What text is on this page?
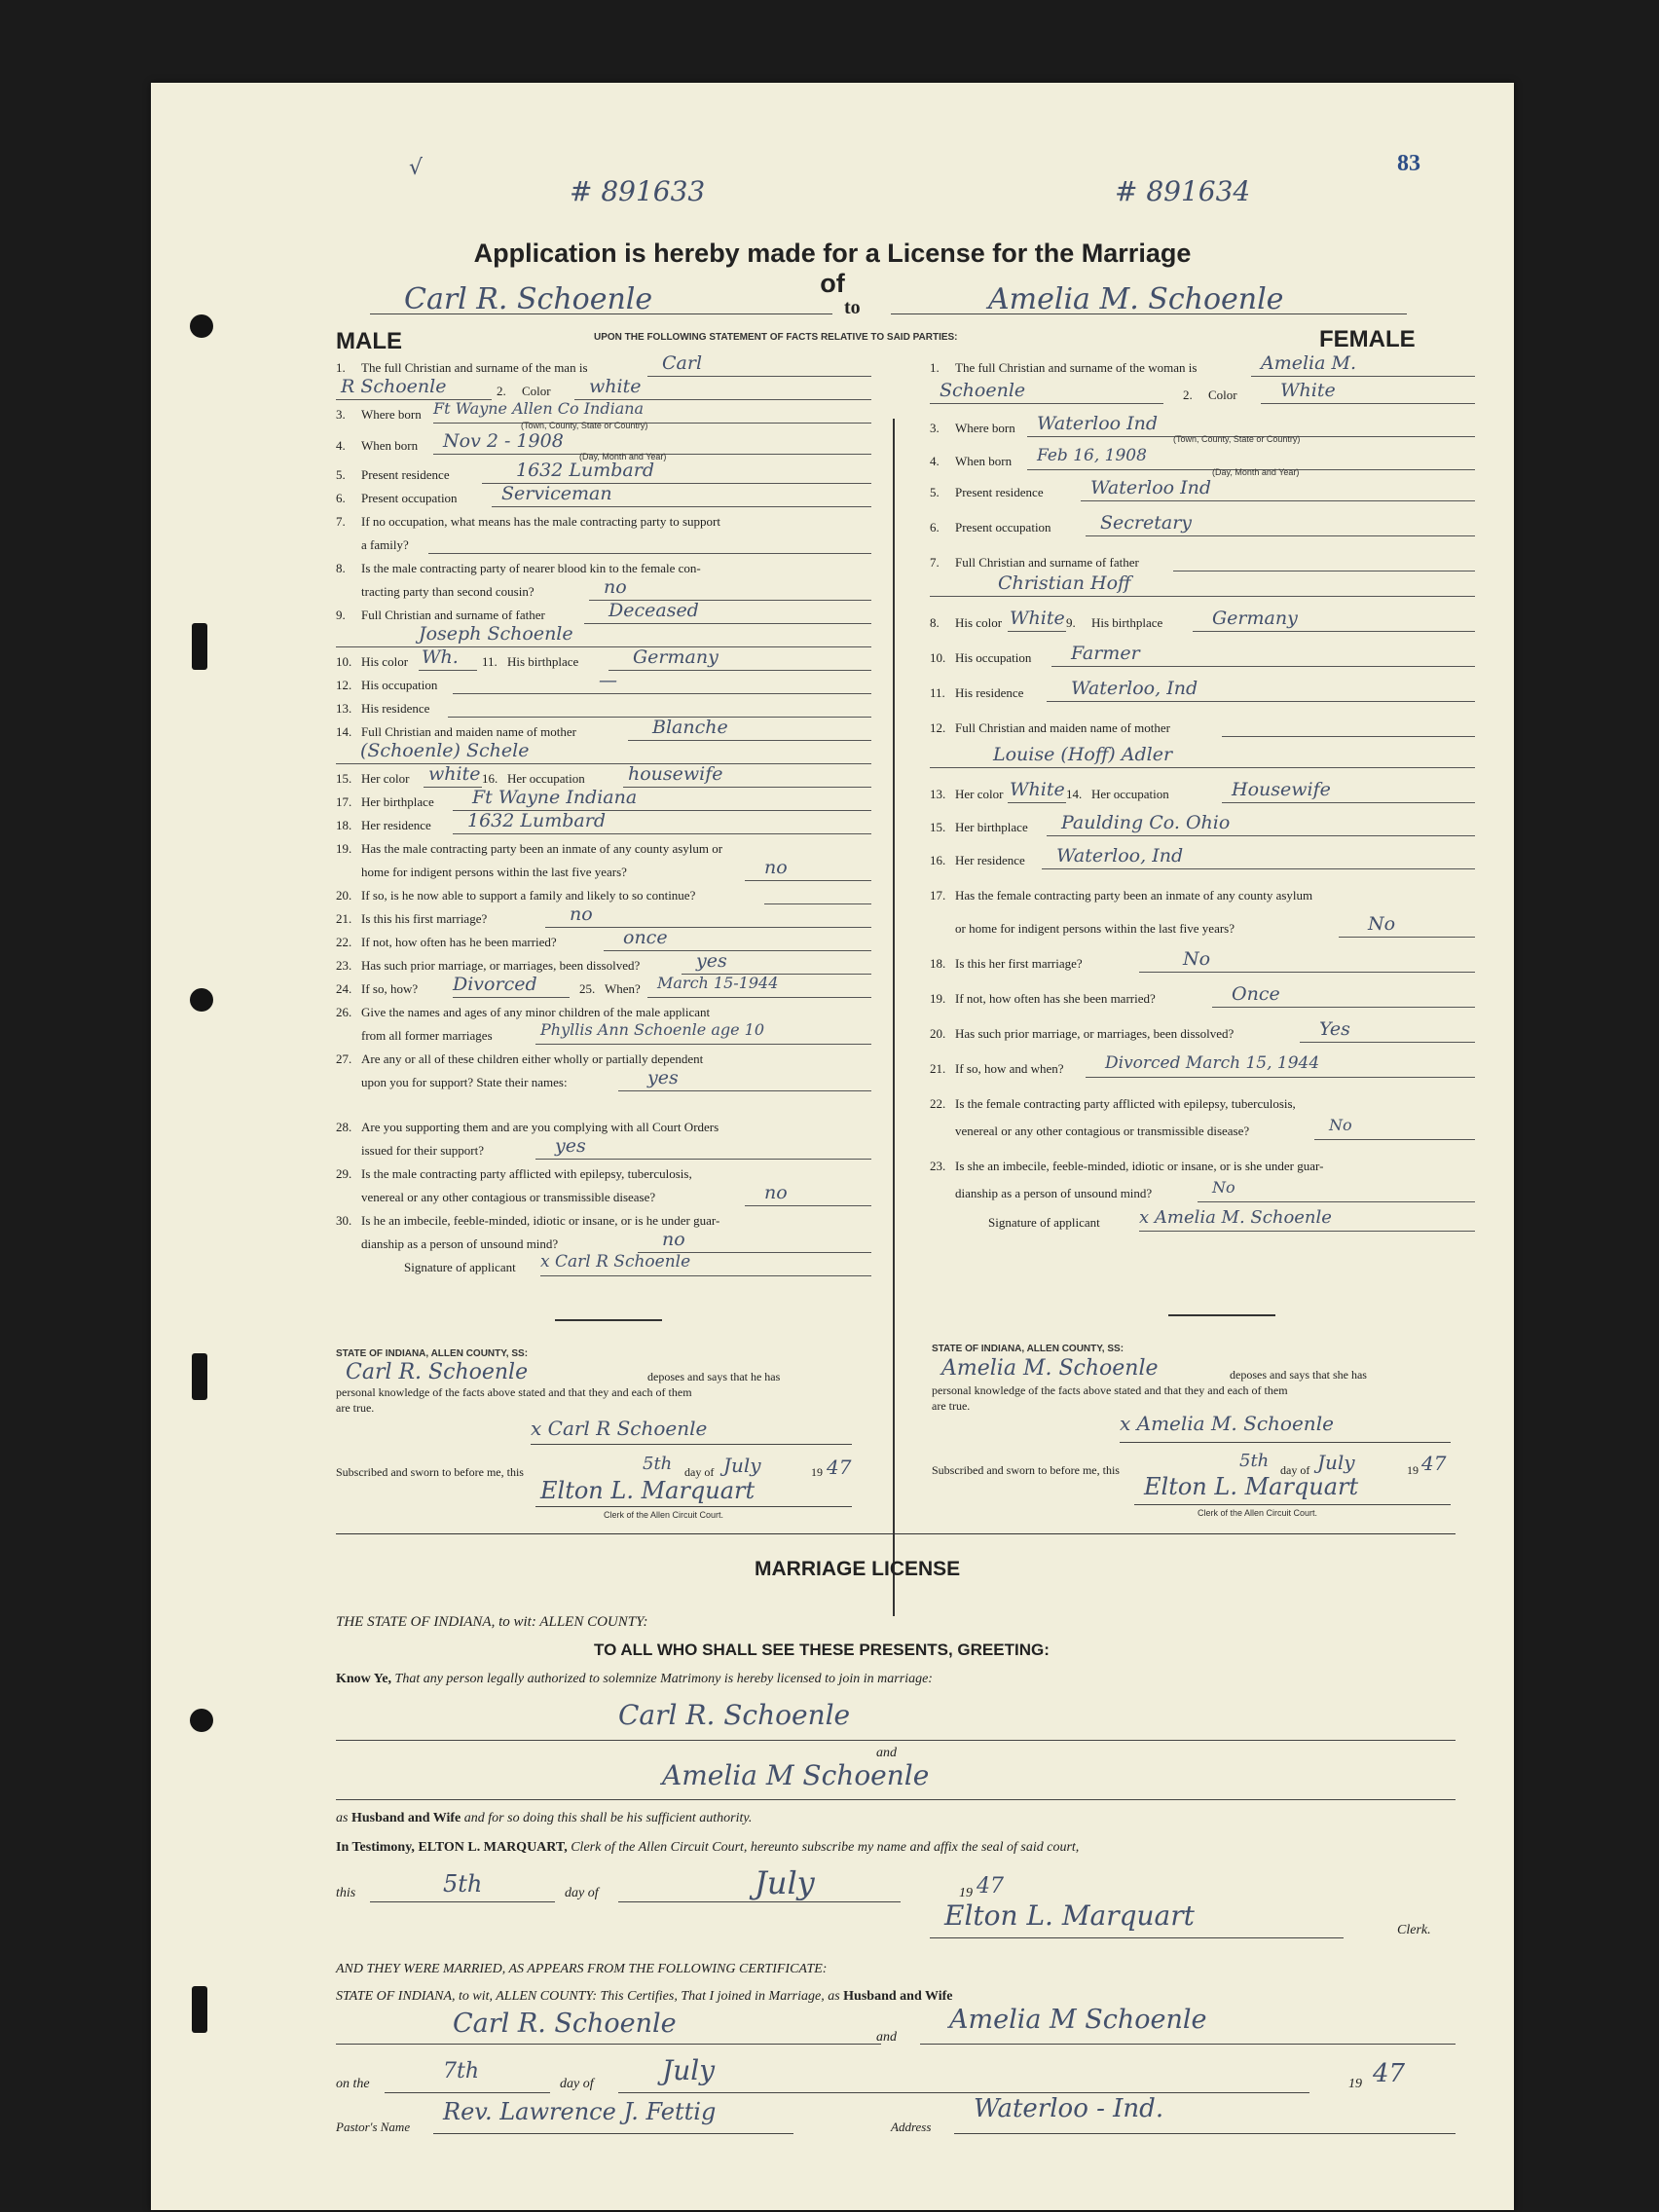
83
√
# 891633	# 891634
Application is hereby made for a License for the Marriage of
Carl R. Schoenle	to	Amelia M. Schoenle
MALE	UPON THE FOLLOWING STATEMENT OF FACTS RELATIVE TO SAID PARTIES:	FEMALE
1. The full Christian and surname of the man is	Carl
R Schoenle	2. Color white
3. Where born Ft Wayne Allen Co Indiana
(Town, County, State or Country)
4. When born Nov 2 - 1908
(Day, Month and Year)
5. Present residence	1632 Lumbard
6. Present occupation Serviceman
7. If no occupation, what means has the male contracting party to support
a family?
8. Is the male contracting party of nearer blood kin to the female con-
tracting party than second cousin?	no
9. Full Christian and surname of father	Deceased
Joseph Schoenle
10. His color Wh. 11. His birthplace	Germany
12. His occupation	—
13. His residence
14. Full Christian and maiden name of mother	Blanche
(Schoenle) Schele
15. Her color white 16. Her occupation housewife
17. Her birthplace Ft Wayne Indiana
18. Her residence 1632 Lumbard
19. Has the male contracting party been an inmate of any county asylum or
home for indigent persons within the last five years?	no
20. If so, is he now able to support a family and likely to so continue?
21. Is this his first marriage?	no
22. If not, how often has he been married?	once
23. Has such prior marriage, or marriages, been dissolved?	yes
24. If so, how? Divorced	25. When? March 15-1944
26. Give the names and ages of any minor children of the male applicant
from all former marriages	Phyllis Ann Schoenle age 10
27. Are any or all of these children either wholly or partially dependent
upon you for support? State their names:	yes
28. Are you supporting them and are you complying with all Court Orders
issued for their support?	yes
29. Is the male contracting party afflicted with epilepsy, tuberculosis,
venereal or any other contagious or transmissible disease?	no
30. Is he an imbecile, feeble-minded, idiotic or insane, or is he under guar-
dianship as a person of unsound mind?	no
Signature of applicant x Carl R Schoenle
STATE OF INDIANA, ALLEN COUNTY, SS:
Carl R. Schoenle	deposes and says that he has
personal knowledge of the facts above stated and that they and each of them
are true.
x Carl R Schoenle
Subscribed and sworn to before me, this	5th day of July	19 47
Elton L. Marquart
Clerk of the Allen Circuit Court.
1. The full Christian and surname of the woman is	Amelia M.
Schoenle	2. Color White
3. Where born Waterloo Ind
(Town, County, State or Country)
4. When born Feb 16, 1908
(Day, Month and Year)
5. Present residence	Waterloo Ind
6. Present occupation	Secretary
7. Full Christian and surname of father
Christian Hoff
8. His color White 9. His birthplace	Germany
10. His occupation Farmer
11. His residence	Waterloo, Ind
12. Full Christian and maiden name of mother
Louise (Hoff) Adler
13. Her color White 14. Her occupation	Housewife
15. Her birthplace Paulding Co. Ohio
16. Her residence Waterloo, Ind
17. Has the female contracting party been an inmate of any county asylum
or home for indigent persons within the last five years?	No
18. Is this her first marriage?	No
19. If not, how often has she been married?	Once
20. Has such prior marriage, or marriages, been dissolved?	Yes
21. If so, how and when? Divorced March 15, 1944
22. Is the female contracting party afflicted with epilepsy, tuberculosis,
venereal or any other contagious or transmissible disease?	No
23. Is she an imbecile, feeble-minded, idiotic or insane, or is she under guar-
dianship as a person of unsound mind?	No
Signature of applicant x Amelia M. Schoenle
STATE OF INDIANA, ALLEN COUNTY, SS:
Amelia M. Schoenle	deposes and says that she has
personal knowledge of the facts above stated and that they and each of them
are true.
x Amelia M. Schoenle
Subscribed and sworn to before me, this	5th day of July	19 47
Elton L. Marquart
Clerk of the Allen Circuit Court.
MARRIAGE LICENSE
THE STATE OF INDIANA, to wit: ALLEN COUNTY:
TO ALL WHO SHALL SEE THESE PRESENTS, GREETING:
Know Ye, That any person legally authorized to solemnize Matrimony is hereby licensed to join in marriage:
Carl R. Schoenle
and
Amelia M Schoenle
as Husband and Wife and for so doing this shall be his sufficient authority.
In Testimony, ELTON L. MARQUART, Clerk of the Allen Circuit Court, hereunto subscribe my name and affix the seal of said court,
this	5th	day of	July	19 47
Elton L. Marquart	Clerk.
AND THEY WERE MARRIED, AS APPEARS FROM THE FOLLOWING CERTIFICATE:
STATE OF INDIANA, to wit, ALLEN COUNTY: This Certifies, That I joined in Marriage, as Husband and Wife
Carl R. Schoenle	and
Amelia M Schoenle
on the
7th
day of	July	19 47
Pastor's Name
Rev. Lawrence J. Fettig
Address
Waterloo - Ind.
